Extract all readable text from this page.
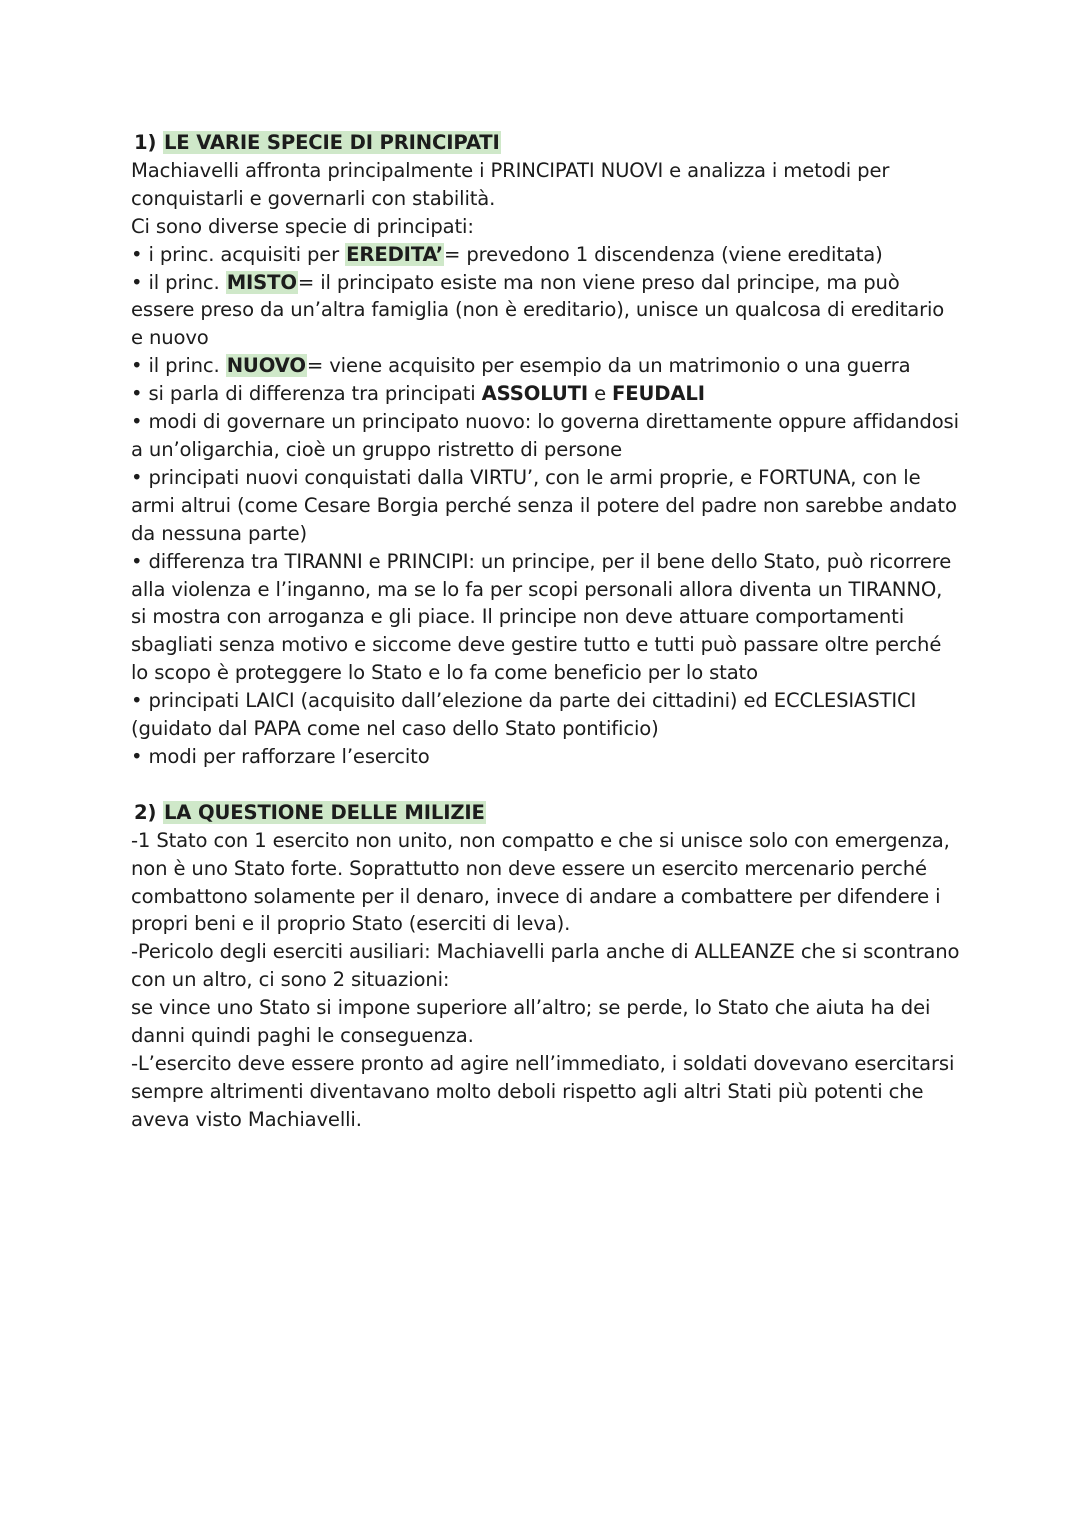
1) LE VARIE SPECIE DI PRINCIPATI

Machiavelli affronta principalmente i PRINCIPATI NUOVI e analizza i metodi per conquistarli e governarli con stabilità.

Ci sono diverse specie di principati:

• i princ. acquisiti per EREDITA’= prevedono 1 discendenza (viene ereditata)

• il princ. MISTO= il principato esiste ma non viene preso dal principe, ma può essere preso da un’altra famiglia (non è ereditario), unisce un qualcosa di ereditario e nuovo

• il princ. NUOVO= viene acquisito per esempio da un matrimonio o una guerra

• si parla di differenza tra principati ASSOLUTI e FEUDALI

• modi di governare un principato nuovo: lo governa direttamente oppure affidandosi a un’oligarchia, cioè un gruppo ristretto di persone

• principati nuovi conquistati dalla VIRTU’, con le armi proprie, e FORTUNA, con le armi altrui (come Cesare Borgia perché senza il potere del padre non sarebbe andato da nessuna parte)

• differenza tra TIRANNI e PRINCIPI: un principe, per il bene dello Stato, può ricorrere alla violenza e l’inganno, ma se lo fa per scopi personali allora diventa un TIRANNO, si mostra con arroganza e gli piace. Il principe non deve attuare comportamenti sbagliati senza motivo e siccome deve gestire tutto e tutti può passare oltre perché lo scopo è proteggere lo Stato e lo fa come beneficio per lo stato

• principati LAICI (acquisito dall’elezione da parte dei cittadini) ed ECCLESIASTICI (guidato dal PAPA come nel caso dello Stato pontificio)

• modi per rafforzare l’esercito

2) LA QUESTIONE DELLE MILIZIE

-1 Stato con 1 esercito non unito, non compatto e che si unisce solo con emergenza, non è uno Stato forte. Soprattutto non deve essere un esercito mercenario perché combattono solamente per il denaro, invece di andare a combattere per difendere i propri beni e il proprio Stato (eserciti di leva).

-Pericolo degli eserciti ausiliari: Machiavelli parla anche di ALLEANZE che si scontrano con un altro, ci sono 2 situazioni:

se vince uno Stato si impone superiore all’altro; se perde, lo Stato che aiuta ha dei danni quindi paghi le conseguenza.

-L’esercito deve essere pronto ad agire nell’immediato, i soldati dovevano esercitarsi sempre altrimenti diventavano molto deboli rispetto agli altri Stati più potenti che aveva visto Machiavelli.
